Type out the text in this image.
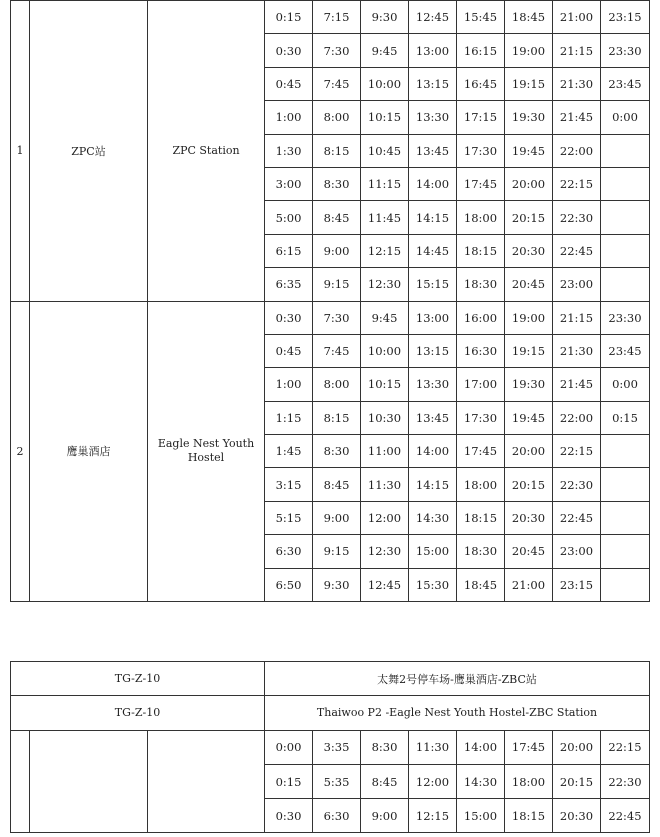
1	ZPC站	ZPC Station	0:15	7:15	9:30	12:45	15:45	18:45	21:00	23:15
			0:30	7:30	9:45	13:00	16:15	19:00	21:15	23:30
			0:45	7:45	10:00	13:15	16:45	19:15	21:30	23:45
			1:00	8:00	10:15	13:30	17:15	19:30	21:45	0:00
			1:30	8:15	10:45	13:45	17:30	19:45	22:00	
			3:00	8:30	11:15	14:00	17:45	20:00	22:15	
			5:00	8:45	11:45	14:15	18:00	20:15	22:30	
			6:15	9:00	12:15	14:45	18:15	20:30	22:45	
			6:35	9:15	12:30	15:15	18:30	20:45	23:00	
2	鹰巢酒店	Eagle Nest Youth Hostel	0:30	7:30	9:45	13:00	16:00	19:00	21:15	23:30
			0:45	7:45	10:00	13:15	16:30	19:15	21:30	23:45
			1:00	8:00	10:15	13:30	17:00	19:30	21:45	0:00
			1:15	8:15	10:30	13:45	17:30	19:45	22:00	0:15
			1:45	8:30	11:00	14:00	17:45	20:00	22:15	
			3:15	8:45	11:30	14:15	18:00	20:15	22:30	
			5:15	9:00	12:00	14:30	18:15	20:30	22:45	
			6:30	9:15	12:30	15:00	18:30	20:45	23:00	
			6:50	9:30	12:45	15:30	18:45	21:00	23:15	
TG-Z-10			太舞2号停车场-鹰巢酒店-ZBC站							
TG-Z-10			Thaiwoo P2 -Eagle Nest Youth Hostel-ZBC Station							
			0:00	3:35	8:30	11:30	14:00	17:45	20:00	22:15
			0:15	5:35	8:45	12:00	14:30	18:00	20:15	22:30
			0:30	6:30	9:00	12:15	15:00	18:15	20:30	22:45
